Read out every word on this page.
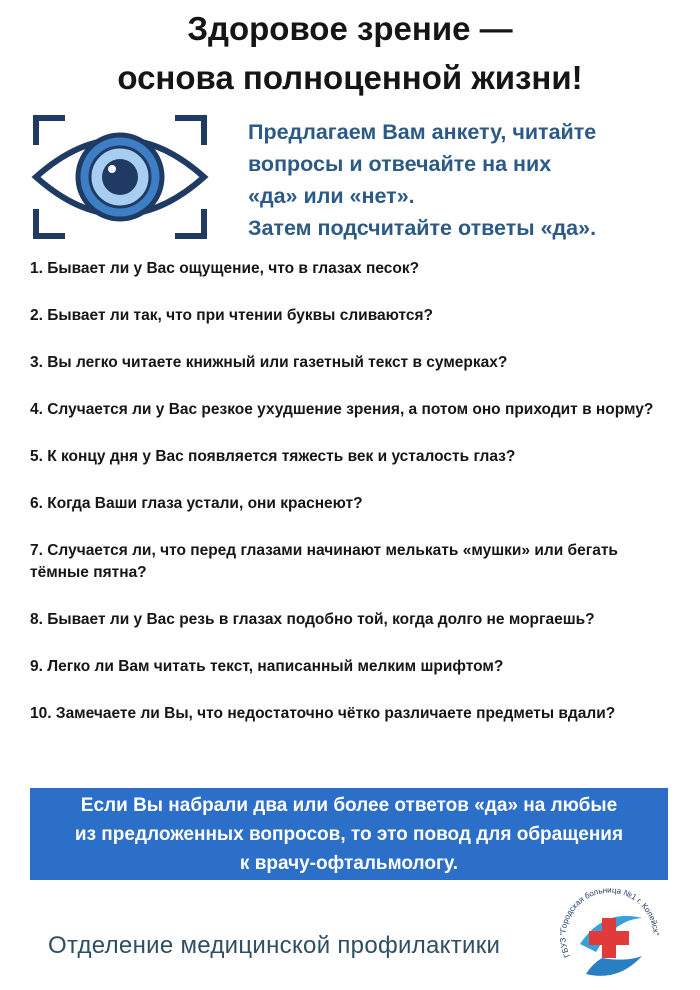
Здоровое зрение —
основа полноценной жизни!
Предлагаем Вам анкету, читайте
вопросы и отвечайте на них
«да» или «нет».
Затем подсчитайте ответы «да».
1. Бывает ли у Вас ощущение, что в глазах песок?
2. Бывает ли так, что при чтении буквы сливаются?
3. Вы легко читаете книжный или газетный текст в сумерках?
4. Случается ли у Вас резкое ухудшение зрения, а потом оно приходит в норму?
5. К концу дня у Вас появляется тяжесть век и усталость глаз?
6. Когда Ваши глаза устали, они краснеют?
7. Случается ли, что перед глазами начинают мелькать «мушки» или бегать тёмные пятна?
8. Бывает ли у Вас резь в глазах подобно той, когда долго не моргаешь?
9. Легко ли Вам читать текст, написанный мелким шрифтом?
10. Замечаете ли Вы, что недостаточно чётко различаете предметы вдали?
Если Вы набрали два или более ответов «да» на любые
из предложенных вопросов, то это повод для обращения
к врачу-офтальмологу.
Отделение медицинской профилактики	ГБУЗ "Городская больница №1 г. Копейск"
